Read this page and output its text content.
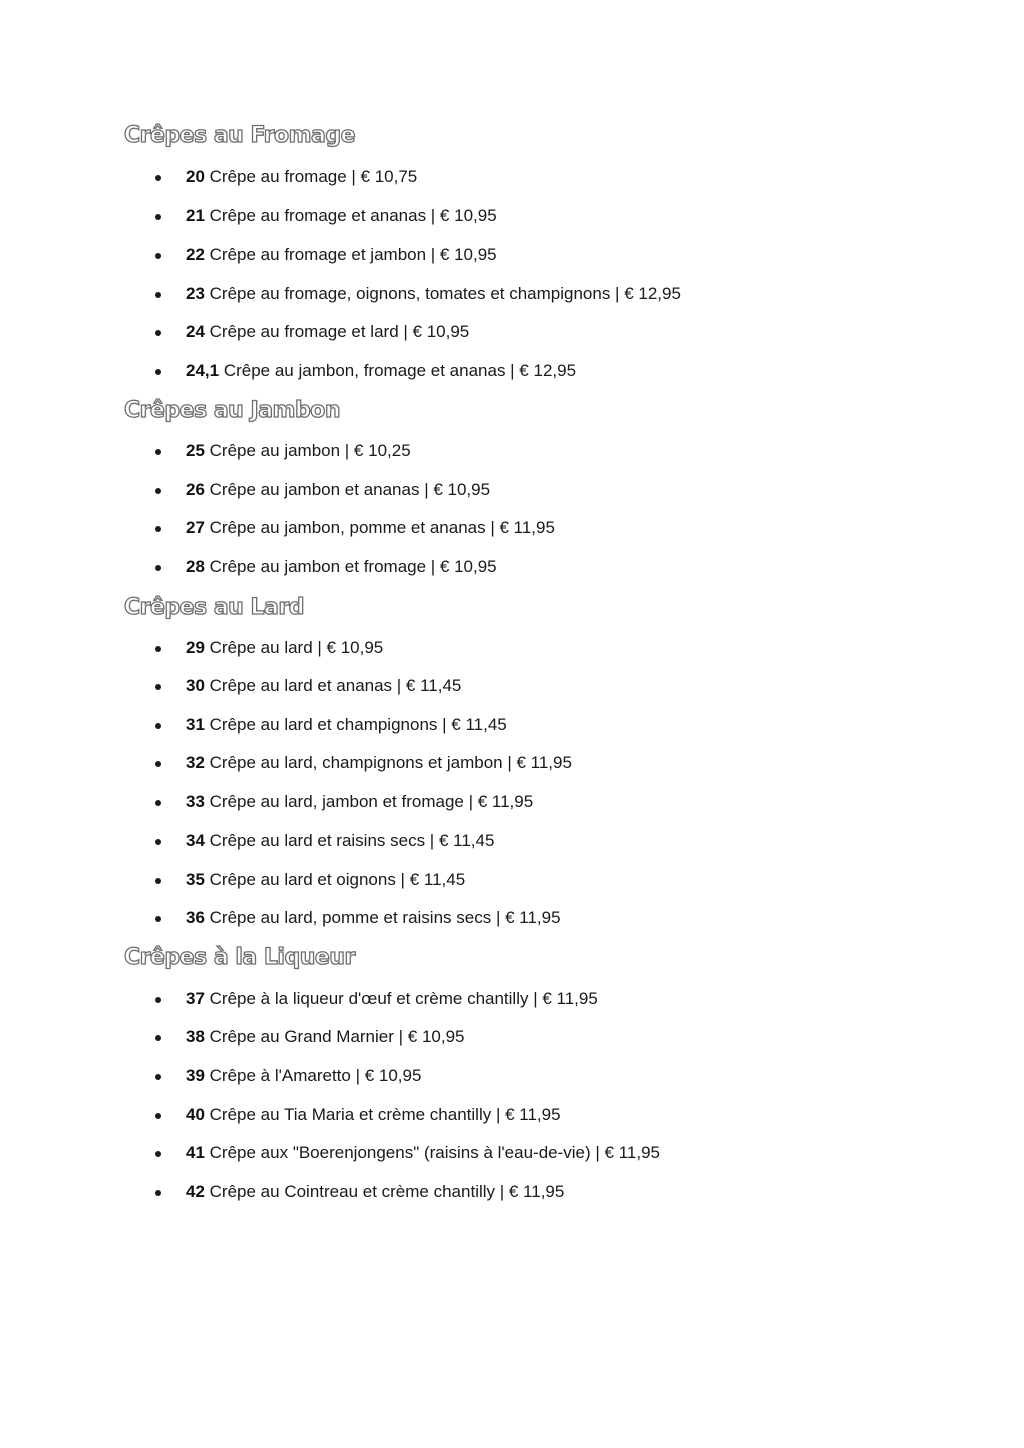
Crêpes au Fromage
20 Crêpe au fromage | € 10,75
21 Crêpe au fromage et ananas | € 10,95
22 Crêpe au fromage et jambon | € 10,95
23 Crêpe au fromage, oignons, tomates et champignons | € 12,95
24 Crêpe au fromage et lard | € 10,95
24,1 Crêpe au jambon, fromage et ananas | € 12,95
Crêpes au Jambon
25 Crêpe au jambon | € 10,25
26 Crêpe au jambon et ananas | € 10,95
27 Crêpe au jambon, pomme et ananas | € 11,95
28 Crêpe au jambon et fromage | € 10,95
Crêpes au Lard
29 Crêpe au lard | € 10,95
30 Crêpe au lard et ananas | € 11,45
31 Crêpe au lard et champignons | € 11,45
32 Crêpe au lard, champignons et jambon | € 11,95
33 Crêpe au lard, jambon et fromage | € 11,95
34 Crêpe au lard et raisins secs | € 11,45
35 Crêpe au lard et oignons | € 11,45
36 Crêpe au lard, pomme et raisins secs | € 11,95
Crêpes à la Liqueur
37 Crêpe à la liqueur d'œuf et crème chantilly | € 11,95
38 Crêpe au Grand Marnier | € 10,95
39 Crêpe à l'Amaretto | € 10,95
40 Crêpe au Tia Maria et crème chantilly | € 11,95
41 Crêpe aux "Boerenjongens" (raisins à l'eau-de-vie) | € 11,95
42 Crêpe au Cointreau et crème chantilly | € 11,95
